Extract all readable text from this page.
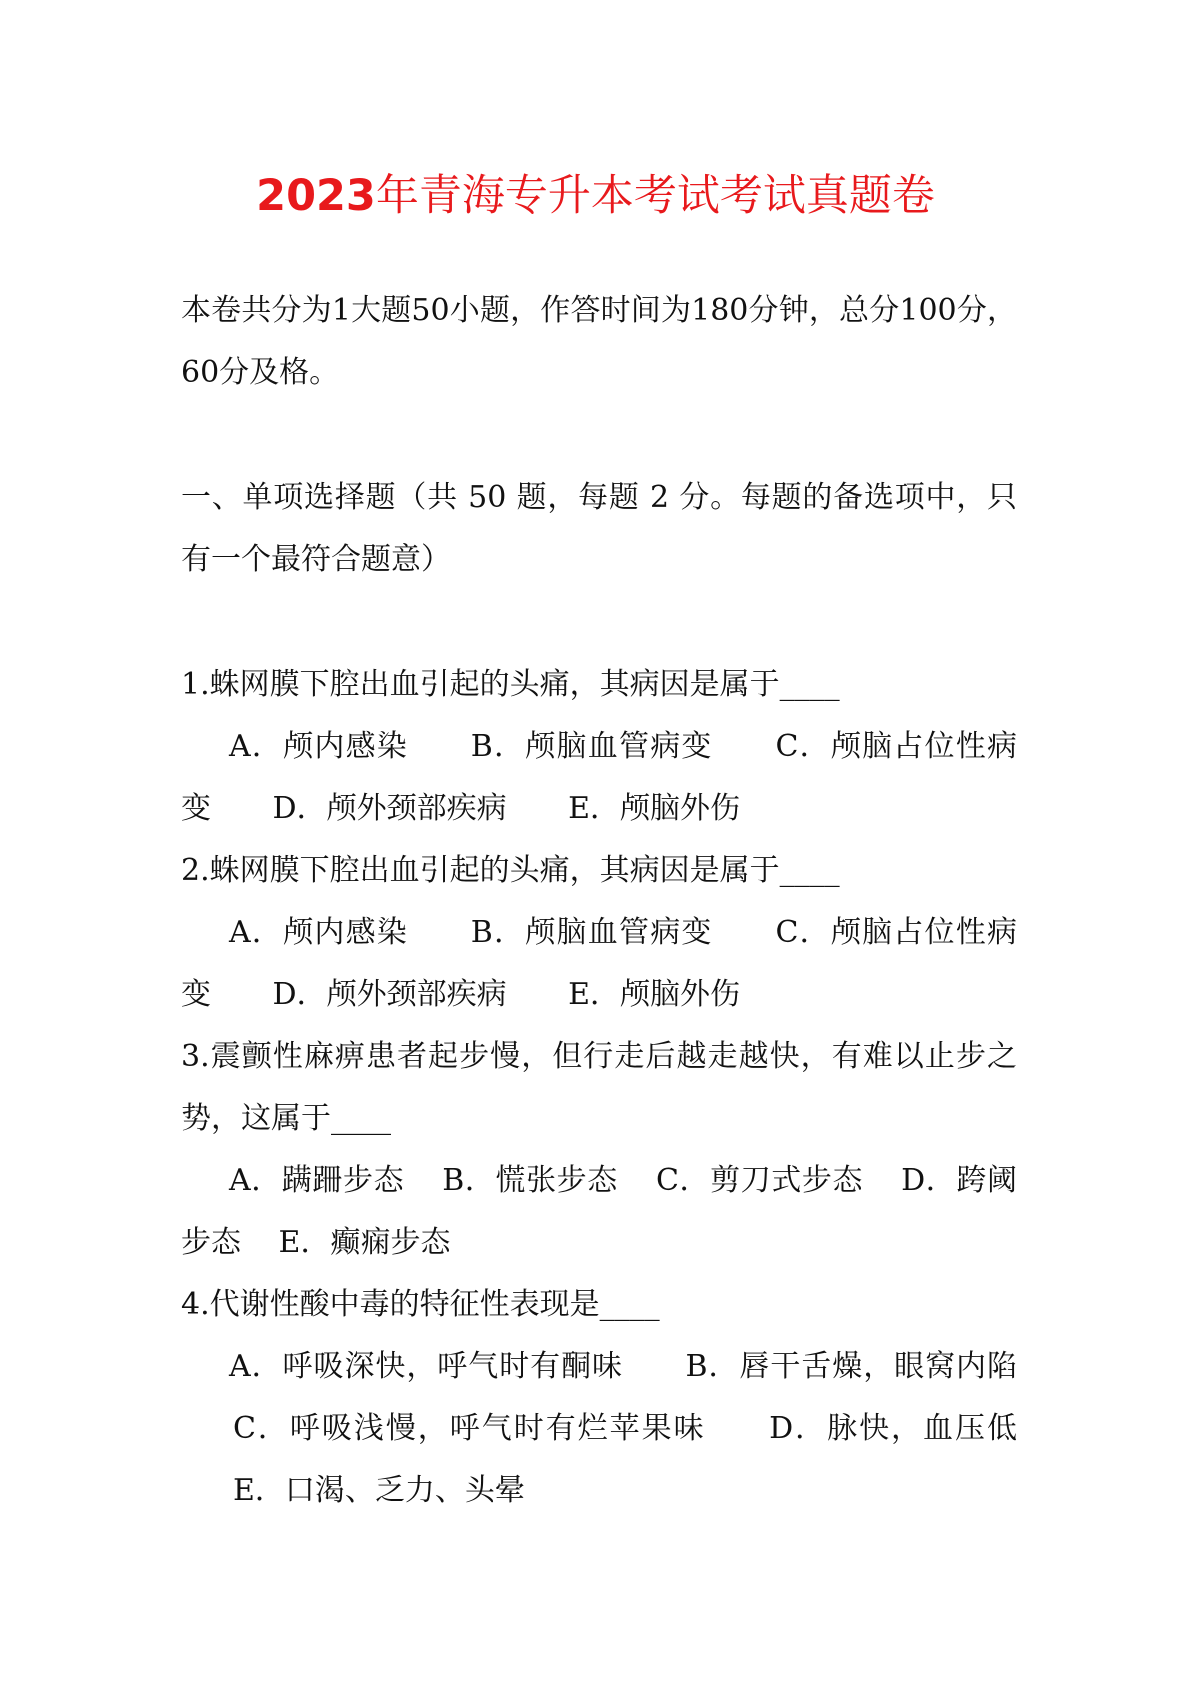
2023年青海专升本考试考试真题卷
本卷共分为1大题50小题，作答时间为180分钟，总分100分，60分及格。
一、单项选择题（共 50 题，每题 2 分。每题的备选项中，只有一个最符合题意）
1.蛛网膜下腔出血引起的头痛，其病因是属于____
A．颅内感染 B．颅脑血管病变 C．颅脑占位性病变 D．颅外颈部疾病 E．颅脑外伤
2.蛛网膜下腔出血引起的头痛，其病因是属于____
A．颅内感染 B．颅脑血管病变 C．颅脑占位性病变 D．颅外颈部疾病 E．颅脑外伤
3.震颤性麻痹患者起步慢，但行走后越走越快，有难以止步之势，这属于____
A．蹒跚步态 B．慌张步态 C．剪刀式步态 D．跨阈步态 E．癫痫步态
4.代谢性酸中毒的特征性表现是____
A．呼吸深快，呼气时有酮味 B．唇干舌燥，眼窝内陷 C．呼吸浅慢，呼气时有烂苹果味 D．脉快，血压低 E．口渴、乏力、头晕
